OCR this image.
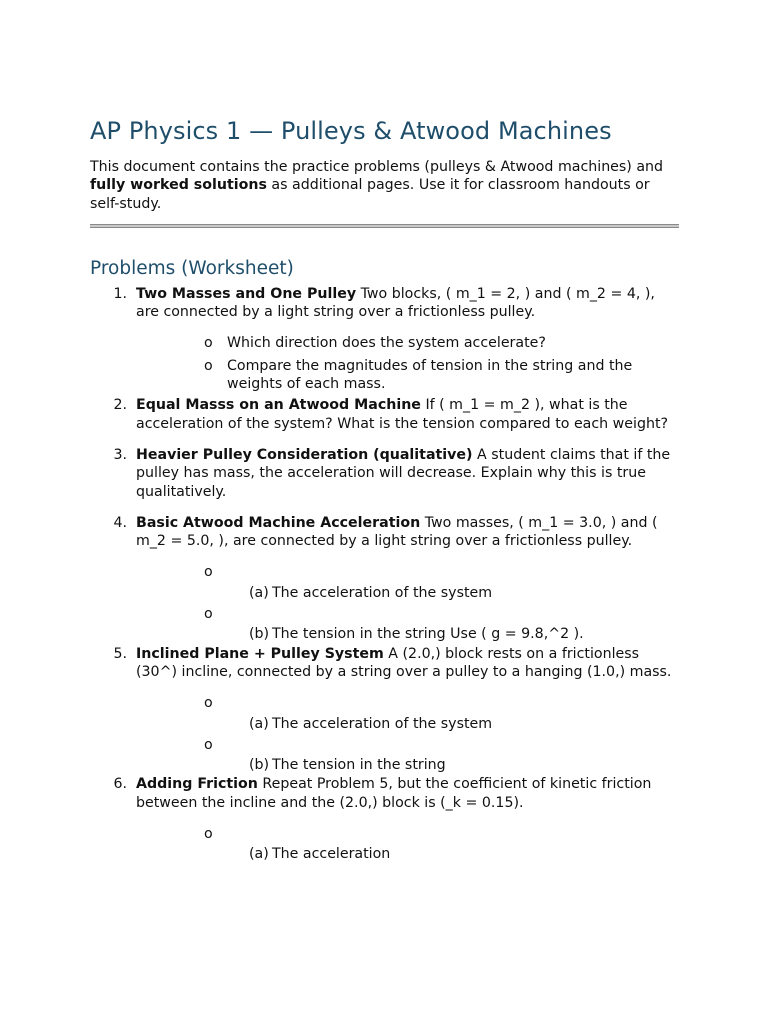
AP Physics 1 — Pulleys & Atwood Machines

This document contains the practice problems (pulleys & Atwood machines) and fully worked solutions as additional pages. Use it for classroom handouts or self-study.

Problems (Worksheet)
1. Two Masses and One Pulley Two blocks, ( m_1 = 2, ) and ( m_2 = 4, ), are connected by a light string over a frictionless pulley.
o Which direction does the system accelerate?
o Compare the magnitudes of tension in the string and the weights of each mass.
2. Equal Masss on an Atwood Machine If ( m_1 = m_2 ), what is the acceleration of the system? What is the tension compared to each weight?
3. Heavier Pulley Consideration (qualitative) A student claims that if the pulley has mass, the acceleration will decrease. Explain why this is true qualitatively.
4. Basic Atwood Machine Acceleration Two masses, ( m_1 = 3.0, ) and ( m_2 = 5.0, ), are connected by a light string over a frictionless pulley.
o

(a) The acceleration of the system
o

(b) The tension in the string Use ( g = 9.8,^2 ).
5. Inclined Plane + Pulley System A (2.0,) block rests on a frictionless (30^) incline, connected by a string over a pulley to a hanging (1.0,) mass.
o

(a) The acceleration of the system
o

(b) The tension in the string
6. Adding Friction Repeat Problem 5, but the coefficient of kinetic friction between the incline and the (2.0,) block is (_k = 0.15).
o

(a) The acceleration
